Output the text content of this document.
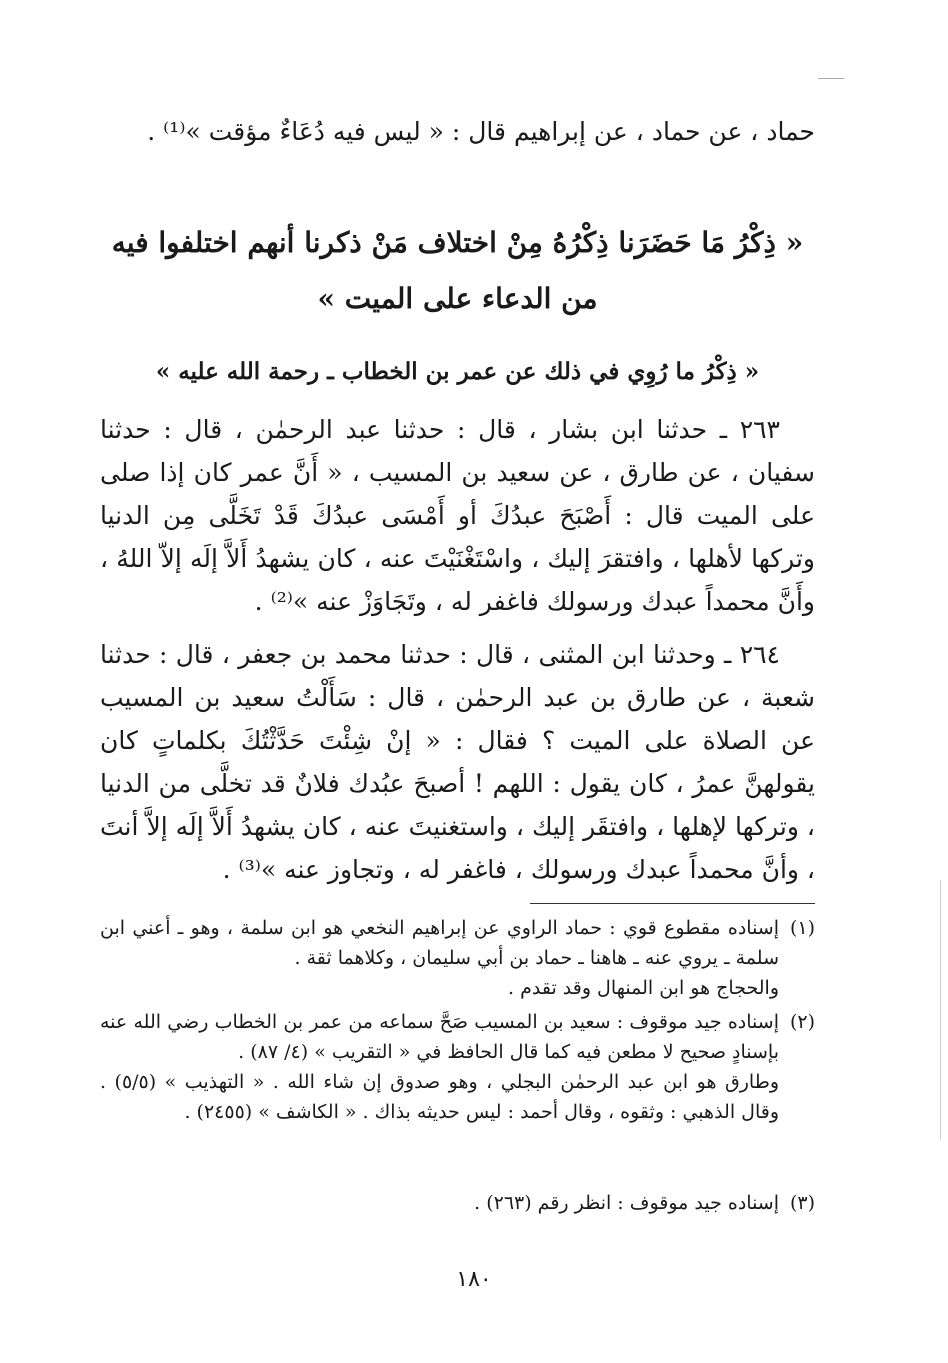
حماد ، عن حماد ، عن إبراهيم قال : « ليس فيه دُعَاءٌ مؤقت »⁽¹⁾ .
« ذِكْرُ مَا حَضَرَنا ذِكْرُهُ مِنْ اختلاف مَنْ ذكرنا أنهم اختلفوا فيه من الدعاء على الميت »
« ذِكْرُ ما رُوِي في ذلك عن عمر بن الخطاب ـ رحمة الله عليه »
٢٦٣ ـ حدثنا ابن بشار ، قال : حدثنا عبد الرحمٰن ، قال : حدثنا سفيان ، عن طارق ، عن سعيد بن المسيب ، « أَنَّ عمر كان إذا صلى على الميت قال : أَصْبَحَ عبدُكَ أو أَمْسَى عبدُكَ قَدْ تَخَلَّى مِن الدنيا وتركها لأهلها ، وافتقرَ إليك ، واسْتَغْنَيْتَ عنه ، كان يشهدُ أَلاَّ إلَه إلاّ اللهُ ، وأَنَّ محمداً عبدك ورسولك فاغفر له ، وتَجَاوَزْ عنه »⁽²⁾ .
٢٦٤ ـ وحدثنا ابن المثنى ، قال : حدثنا محمد بن جعفر ، قال : حدثنا شعبة ، عن طارق بن عبد الرحمٰن ، قال : سَأَلْتُ سعيد بن المسيب عن الصلاة على الميت ؟ فقال : « إنْ شِئْتَ حَدَّثْتُكَ بكلماتٍ كان يقولهنَّ عمرُ ، كان يقول : اللهم ! أصبحَ عبُدك فلانٌ قد تخلَّى من الدنيا ، وتركها لإهلها ، وافتقَر إليك ، واستغنيتَ عنه ، كان يشهدُ أَلاَّ إلَه إلاَّ أنتَ ، وأنَّ محمداً عبدك ورسولك ، فاغفر له ، وتجاوز عنه »⁽³⁾ .
(١)
إسناده مقطوع قوي : حماد الراوي عن إبراهيم النخعي هو ابن سلمة ، وهو ـ أعني ابن سلمة ـ يروي عنه ـ هاهنا ـ حماد بن أبي سليمان ، وكلاهما ثقة .
والحجاج هو ابن المنهال وقد تقدم .
(٢)
إسناده جيد موقوف : سعيد بن المسيب صَحَّ سماعه من عمر بن الخطاب رضي الله عنه بإسنادٍ صحيح لا مطعن فيه كما قال الحافظ في « التقريب » (٤/ ٨٧) .
وطارق هو ابن عبد الرحمٰن البجلي ، وهو صدوق إن شاء الله . « التهذيب » (٥/٥) . وقال الذهبي : وثقوه ، وقال أحمد : ليس حديثه بذاك . « الكاشف » (٢٤٥٥) .
(٣)
إسناده جيد موقوف : انظر رقم (٢٦٣) .
١٨٠
